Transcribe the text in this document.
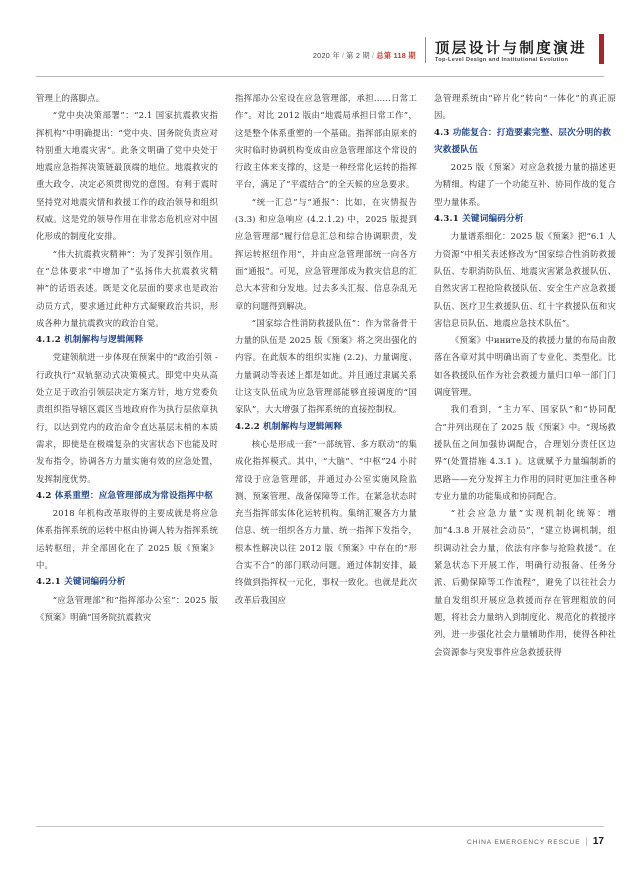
2020 年 / 第 2 期 / 总第 118 期 顶层设计与制度演进
Top-Level Design and Institutional Evolution

管理上的落脚点。

“党中央决策部署”：“2.1 国家抗震救灾指挥机构”中明确提出：“党中央、国务院负责应对特别重大地震灾害”。此条文明确了党中央处于地震应急指挥决策链最顶端的地位。地震救灾的重大政令、决定必须贯彻党的意图。有利于震时坚持党对地震灾情和救援工作的政治领导和组织权威。这是党的领导作用在非常态危机应对中固化形成的制度化安排。

“伟大抗震救灾精神”：为了发挥引领作用。在“总体要求”中增加了“弘扬伟大抗震救灾精神”的话语表述。既是文化层面的要求也是政治动员方式，要求通过此种方式凝聚政治共识，形成各种力量抗震救灾的政治自觉。

4.1.2 机制解构与逻辑阐释

党建领航进一步体现在预案中的“政治引领 - 行政执行”双轨驱动式决策模式。即党中央从高处立足于政治引领层决定方案方针，地方党委负责组织指导辖区震区当地政府作为执行层依章执行，以达到党内的政治命令直达基层末梢的本质需求，即使是在极端复杂的灾害状态下也能及时发布指令，协调各方力量实施有效的应急处置，发挥制度优势。

4.2 体系重塑：应急管理部成为常设指挥中枢

2018 年机构改革取得的主要成就是将应急体系指挥系统的运转中枢由协调人转为指挥系统运转枢纽，并全部固化在了 2025 版《预案》中。

4.2.1 关键词编码分析

“应急管理部”和“指挥部办公室”：2025 版《预案》明确“国务院抗震救灾

指挥部办公室设在应急管理部，承担……日常工作”。对比 2012 版由“地震局承担日常工作”，这是整个体系重塑的一个基础。指挥部由原来的灾时临时协调机构变成由应急管理部这个常设的行政主体来支撑的，这是一种经常化运转的指挥平台，满足了“平震结合”的全天候的应急要求。

“统一汇总”与“通报”：比如，在灾情报告 (3.3) 和应急响应 (4.2.1.2) 中，2025 版提到应急管理部“履行信息汇总和综合协调职责，发挥运转枢纽作用”，并由应急管理部统一向各方面“通报”。可见，应急管理部成为救灾信息的汇总大本营和分发地。过去多头汇报、信息杂乱无章的问题得到解决。

“国家综合性消防救援队伍”：作为常备骨干力量的队伍是 2025 版《预案》将之突出强化的内容。在此版本的组织实施 (2.2)、力量调度、力量调动等表述上都是如此。并且通过隶属关系让这支队伍成为应急管理部能够直接调度的“国家队”，大大增强了指挥系统的直接控制权。

4.2.2 机制解构与逻辑阐释

核心是形成一套“一部统管、多方联动”的集成化指挥模式。其中，“大脑”、“中枢”24 小时常设于应急管理部，并通过办公室实施风险监测、预案管理、战备保障等工作。在紧急状态时充当指挥部实体化运转机构。集纳汇聚各方力量信息、统一组织各方力量、统一指挥下发指令，根本性解决以往 2012 版《预案》中存在的“形合实不合”的部门联动问题。通过体制安排，最终做到指挥权一元化，事权一致化。也就是此次改革后我国应

急管理系统由“碎片化”转向“一体化”的真正原因。

4.3 功能复合：打造要素完整、层次分明的救灾救援队伍

2025 版《预案》对应急救援力量的描述更为精细。构建了一个功能互补、协同作战的复合型力量体系。

4.3.1 关键词编码分析

力量谱系细化：2025 版《预案》把“6.1 人力资源”中相关表述修改为“国家综合性消防救援队伍、专职消防队伍、地震灾害紧急救援队伍、自然灾害工程抢险救援队伍、安全生产应急救援队伍、医疗卫生救援队伍、红十字救援队伍和灾害信息员队伍、地震应急技术队伍”。

《预案》中ините及的救援力量的布局由散落在各章对其中明确出而了专业化、类型化。比如各救援队伍作为社会救援力量归口单一部门门调度管理。

我们看到，“主力军、国家队”和“协同配合”并列出现在了 2025 版《预案》中。“现场救援队伍之间加强协调配合，合理划分责任区边界”(处置措施 4.3.1 )。这就赋予力量编制新的思路——充分发挥主力作用的同时更加注重各种专业力量的功能集成和协同配合。

“社会应急力量”实现机制化统筹：增加“4.3.8 开展社会动员”，“建立协调机制，组织调动社会力量，依法有序参与抢险救援”。在紧急状态下开展工作，明确行动报备、任务分派、后勤保障等工作流程”，避免了以往社会力量自发组织开展应急救援而存在管理粗放的问题，将社会力量纳入到制度化、规范化的救援序列，进一步强化社会力量辅助作用，使得各种社会资源参与突发事件应急救援获得

CHINA EMERGENCY RESCUE | 17
